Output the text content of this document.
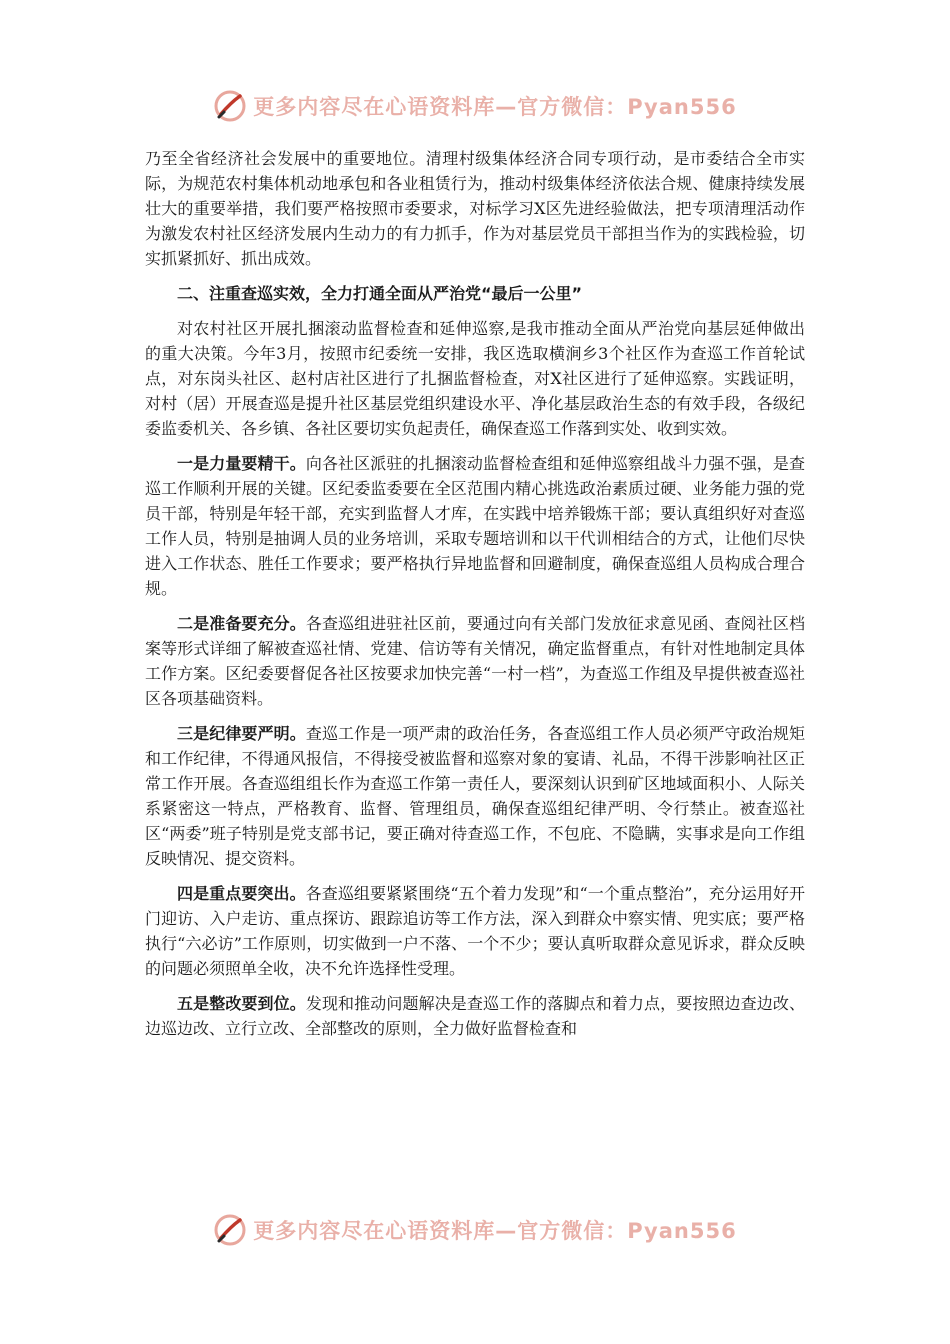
更多内容尽在心语资料库—官方微信：Pyan556

乃至全省经济社会发展中的重要地位。清理村级集体经济合同专项行动，是市委结合全市实际，为规范农村集体机动地承包和各业租赁行为，推动村级集体经济依法合规、健康持续发展壮大的重要举措，我们要严格按照市委要求，对标学习X区先进经验做法，把专项清理活动作为激发农村社区经济发展内生动力的有力抓手，作为对基层党员干部担当作为的实践检验，切实抓紧抓好、抓出成效。

二、注重查巡实效，全力打通全面从严治党“最后一公里”

对农村社区开展扎捆滚动监督检查和延伸巡察,是我市推动全面从严治党向基层延伸做出的重大决策。今年3月，按照市纪委统一安排，我区选取横涧乡3个社区作为查巡工作首轮试点，对东岗头社区、赵村店社区进行了扎捆监督检查，对X社区进行了延伸巡察。实践证明，对村（居）开展查巡是提升社区基层党组织建设水平、净化基层政治生态的有效手段，各级纪委监委机关、各乡镇、各社区要切实负起责任，确保查巡工作落到实处、收到实效。

一是力量要精干。向各社区派驻的扎捆滚动监督检查组和延伸巡察组战斗力强不强，是查巡工作顺利开展的关键。区纪委监委要在全区范围内精心挑选政治素质过硬、业务能力强的党员干部，特别是年轻干部，充实到监督人才库，在实践中培养锻炼干部；要认真组织好对查巡工作人员，特别是抽调人员的业务培训，采取专题培训和以干代训相结合的方式，让他们尽快进入工作状态、胜任工作要求；要严格执行异地监督和回避制度，确保查巡组人员构成合理合规。

二是准备要充分。各查巡组进驻社区前，要通过向有关部门发放征求意见函、查阅社区档案等形式详细了解被查巡社情、党建、信访等有关情况，确定监督重点，有针对性地制定具体工作方案。区纪委要督促各社区按要求加快完善“一村一档”，为查巡工作组及早提供被查巡社区各项基础资料。

三是纪律要严明。查巡工作是一项严肃的政治任务，各查巡组工作人员必须严守政治规矩和工作纪律，不得通风报信，不得接受被监督和巡察对象的宴请、礼品，不得干涉影响社区正常工作开展。各查巡组组长作为查巡工作第一责任人，要深刻认识到矿区地域面积小、人际关系紧密这一特点，严格教育、监督、管理组员，确保查巡组纪律严明、令行禁止。被查巡社区“两委”班子特别是党支部书记，要正确对待查巡工作，不包庇、不隐瞒，实事求是向工作组反映情况、提交资料。

四是重点要突出。各查巡组要紧紧围绕“五个着力发现”和“一个重点整治”，充分运用好开门迎访、入户走访、重点探访、跟踪追访等工作方法，深入到群众中察实情、兜实底；要严格执行“六必访”工作原则，切实做到一户不落、一个不少；要认真听取群众意见诉求，群众反映的问题必须照单全收，决不允许选择性受理。

五是整改要到位。发现和推动问题解决是查巡工作的落脚点和着力点，要按照边查边改、边巡边改、立行立改、全部整改的原则，全力做好监督检查和

更多内容尽在心语资料库—官方微信：Pyan556
